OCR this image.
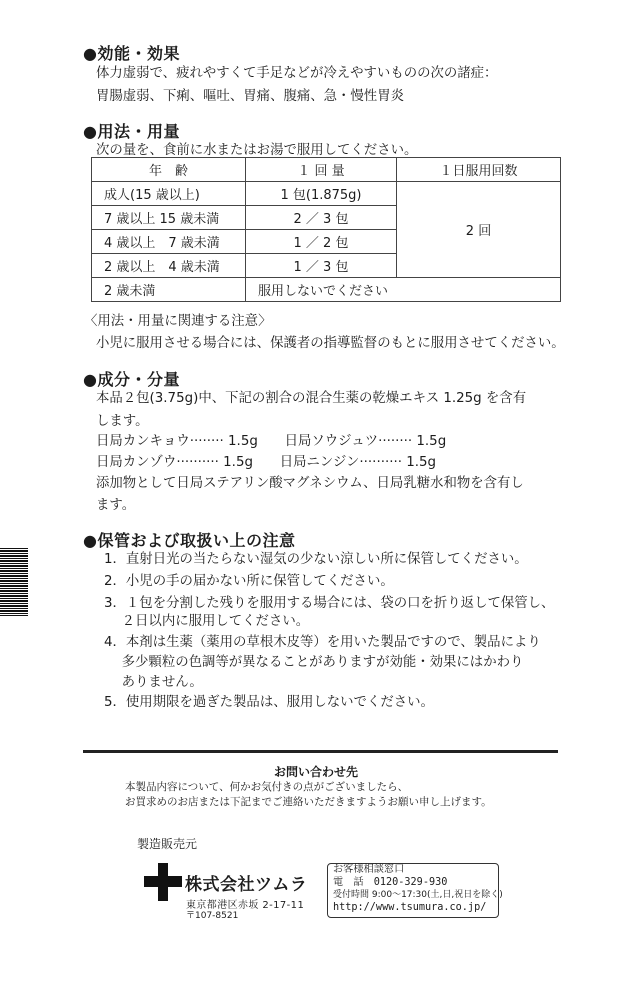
●効能・効果
体力虚弱で、疲れやすくて手足などが冷えやすいものの次の諸症：
胃腸虚弱、下痢、嘔吐、胃痛、腹痛、急・慢性胃炎
●用法・用量
次の量を、食前に水またはお湯で服用してください。
年　齢	１ 回 量	１日服用回数
成人(15 歳以上)	1 包(1.875g)	2 回
7 歳以上 15 歳未満	2 ／ 3 包	
4 歳以上　7 歳未満	1 ／ 2 包	
2 歳以上　4 歳未満	1 ／ 3 包	
2 歳未満	服用しないでください	
〈用法・用量に関連する注意〉
小児に服用させる場合には、保護者の指導監督のもとに服用させてください。
●成分・分量
本品２包(3.75g)中、下記の割合の混合生薬の乾燥エキス 1.25g を含有
します。
日局カンキョウ········ 1.5g　　日局ソウジュツ········ 1.5g
日局カンゾウ·········· 1.5g　　日局ニンジン·········· 1.5g
添加物として日局ステアリン酸マグネシウム、日局乳糖水和物を含有し
ます。
●保管および取扱い上の注意
1．直射日光の当たらない湿気の少ない涼しい所に保管してください。
2．小児の手の届かない所に保管してください。
3．１包を分割した残りを服用する場合には、袋の口を折り返して保管し、
　 ２日以内に服用してください。
4．本剤は生薬（薬用の草根木皮等）を用いた製品ですので、製品により
　 多少顆粒の色調等が異なることがありますが効能・効果にはかわり
　 ありません。
5．使用期限を過ぎた製品は、服用しないでください。
お問い合わせ先
本製品内容について、何かお気付きの点がございましたら、
お買求めのお店または下記までご連絡いただきますようお願い申し上げます。
製造販売元
株式会社ツムラ
東京都港区赤坂 2-17-11
〒107-8521
お客様相談窓口
電　話　0120-329-930
受付時間 9:00～17:30(土,日,祝日を除く)
http://www.tsumura.co.jp/
